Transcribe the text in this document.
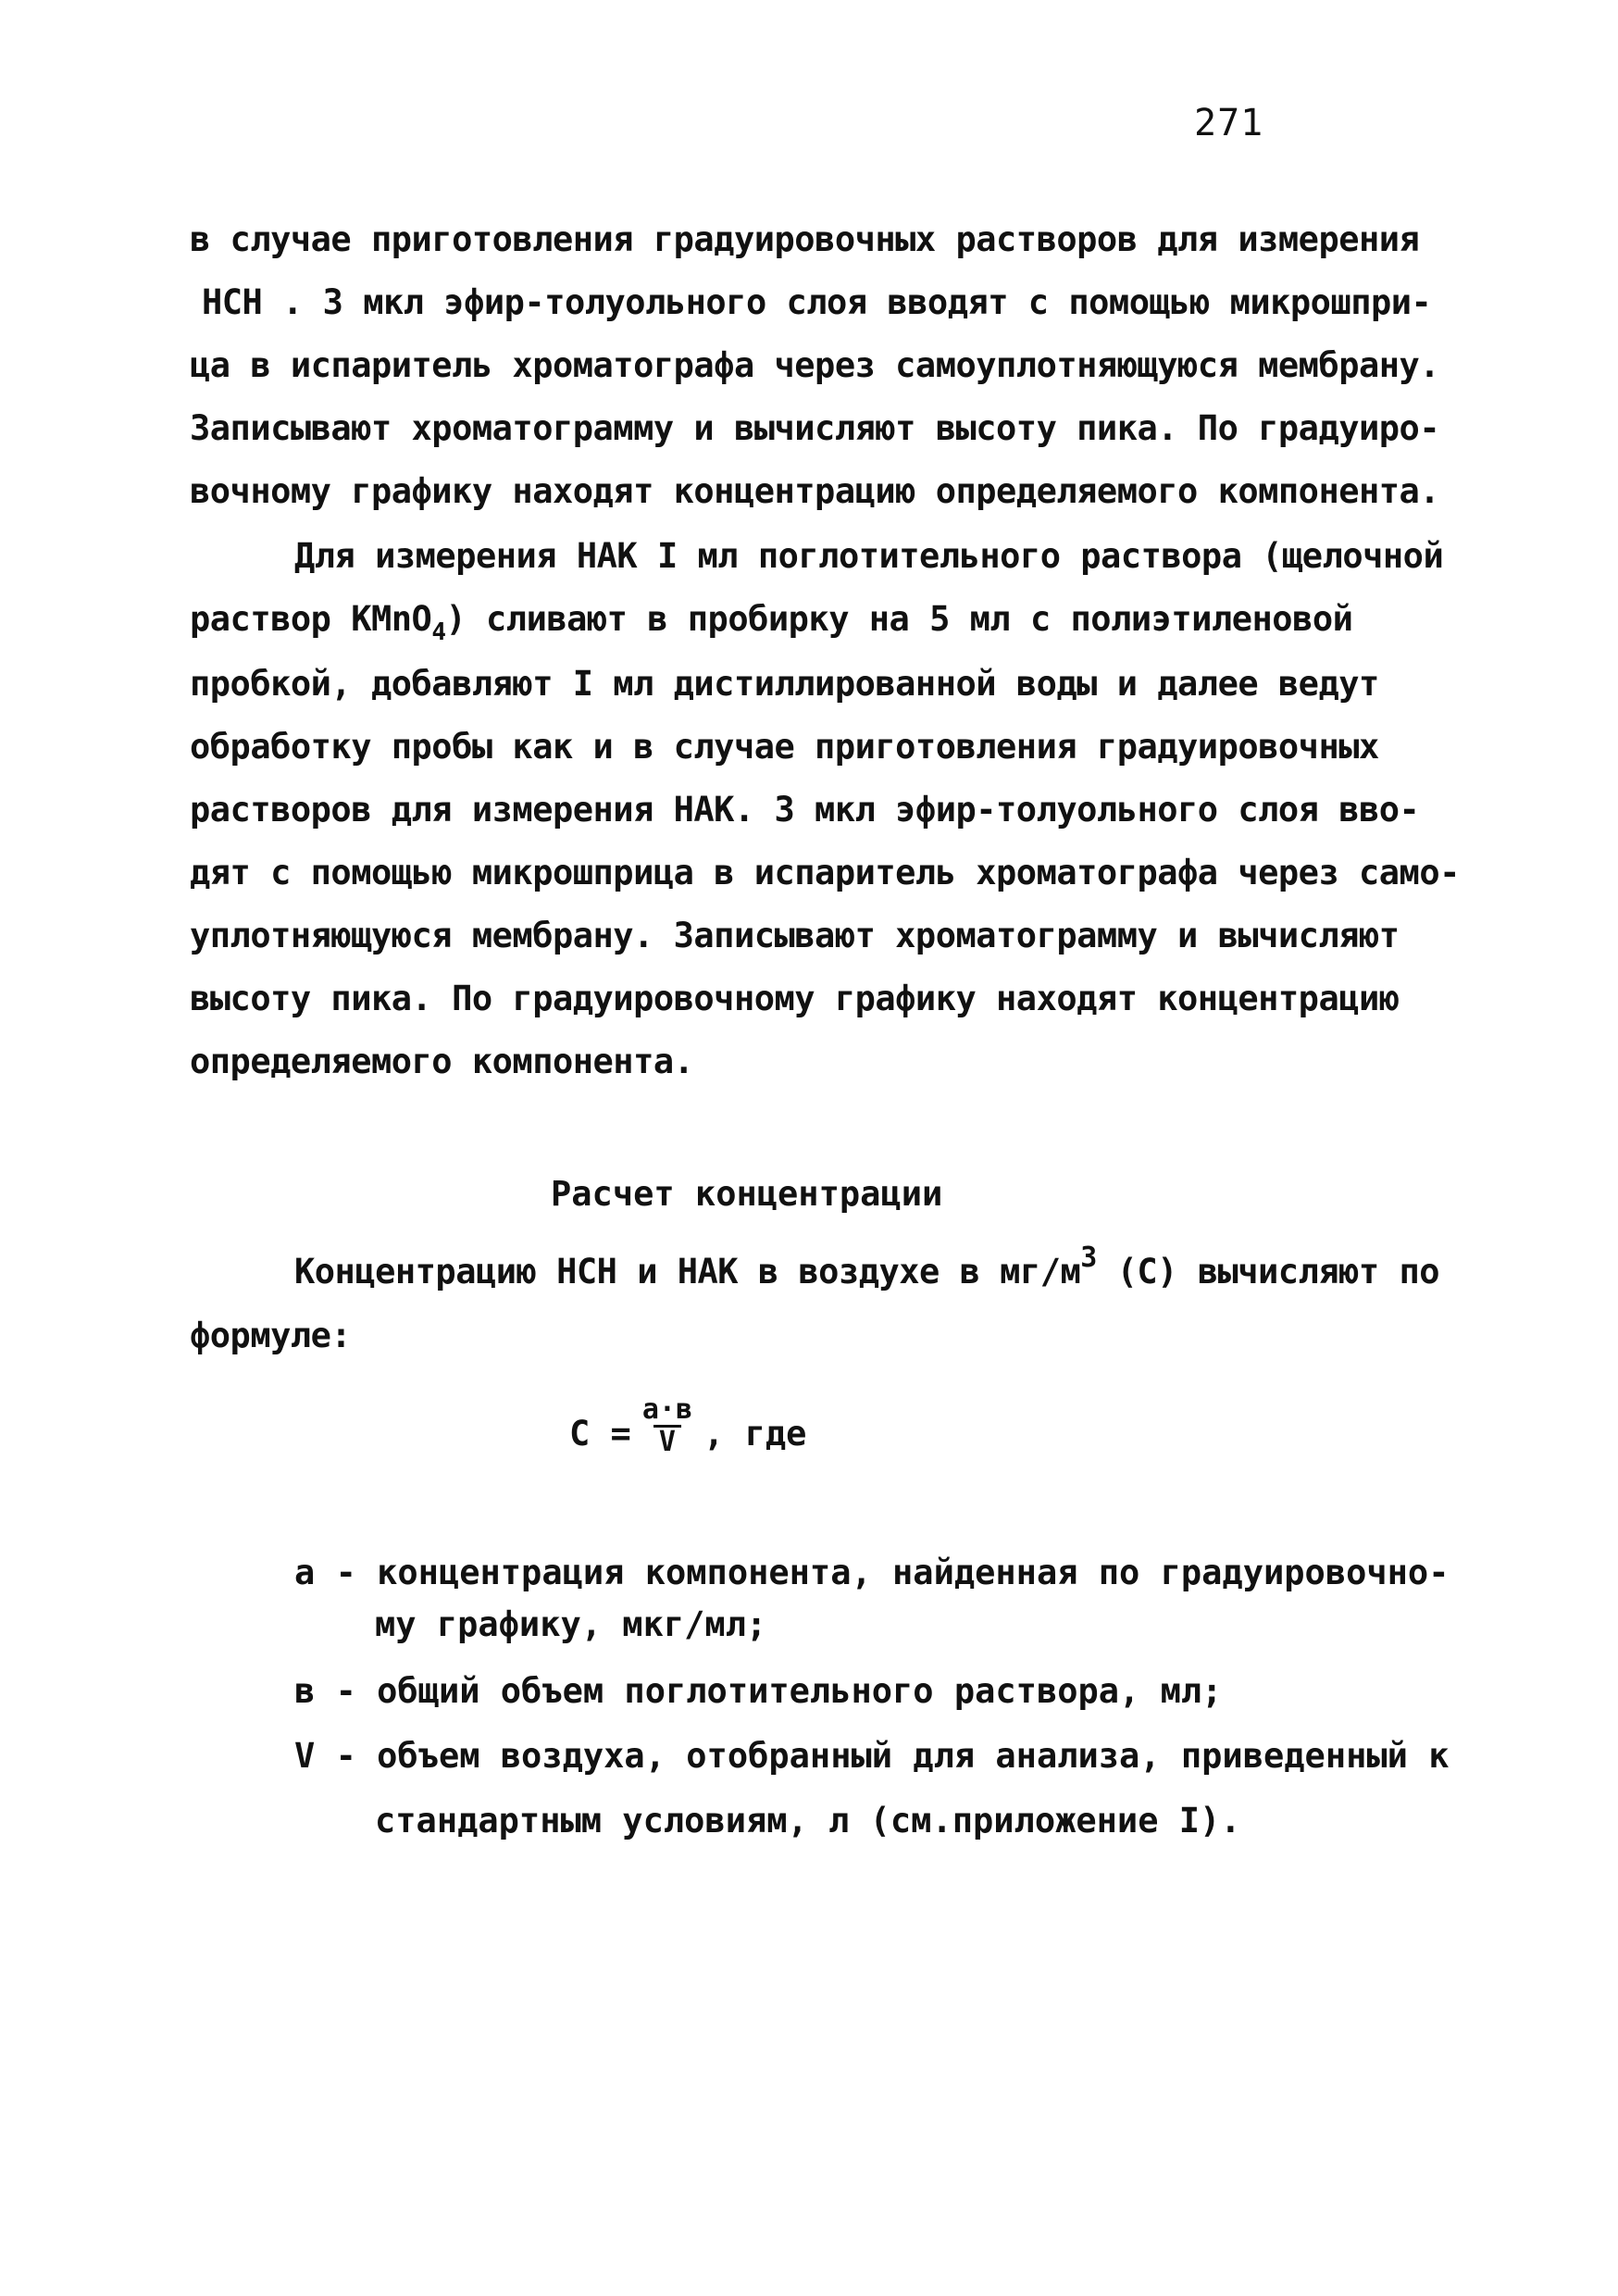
271
в случае приготовления градуировочных растворов для измерения
НСН . 3 мкл эфир-толуольного слоя вводят с помощью микрошпри-
ца в испаритель хроматографа через самоуплотняющуюся мембрану.
Записывают хроматограмму и вычисляют высоту пика. По градуиро-
вочному графику находят концентрацию определяемого компонента.
Для измерения НАК I мл поглотительного раствора (щелочной
раствор KMnO$_4$) сливают в пробирку на 5 мл с полиэтиленовой
пробкой, добавляют I мл дистиллированной воды и далее ведут
обработку пробы как и в случае приготовления градуировочных
растворов для измерения НАК. 3 мкл эфир-толуольного слоя вво-
дят с помощью микрошприца в испаритель хроматографа через само-
уплотняющуюся мембрану. Записывают хроматограмму и вычисляют
высоту пика. По градуировочному графику находят концентрацию
определяемого компонента.
Расчет концентрации
Концентрацию НСН и НАК в воздухе в $мг/м^3$ (С) вычисляют по
формуле:
$С = \frac{а\cdot в}{V}$ , где
а - концентрация компонента, найденная по градуировочно-
му графику, мкг/мл;
в - общий объем поглотительного раствора, мл;
V - объем воздуха, отобранный для анализа, приведенный к
стандартным условиям, л (см.приложение I).
